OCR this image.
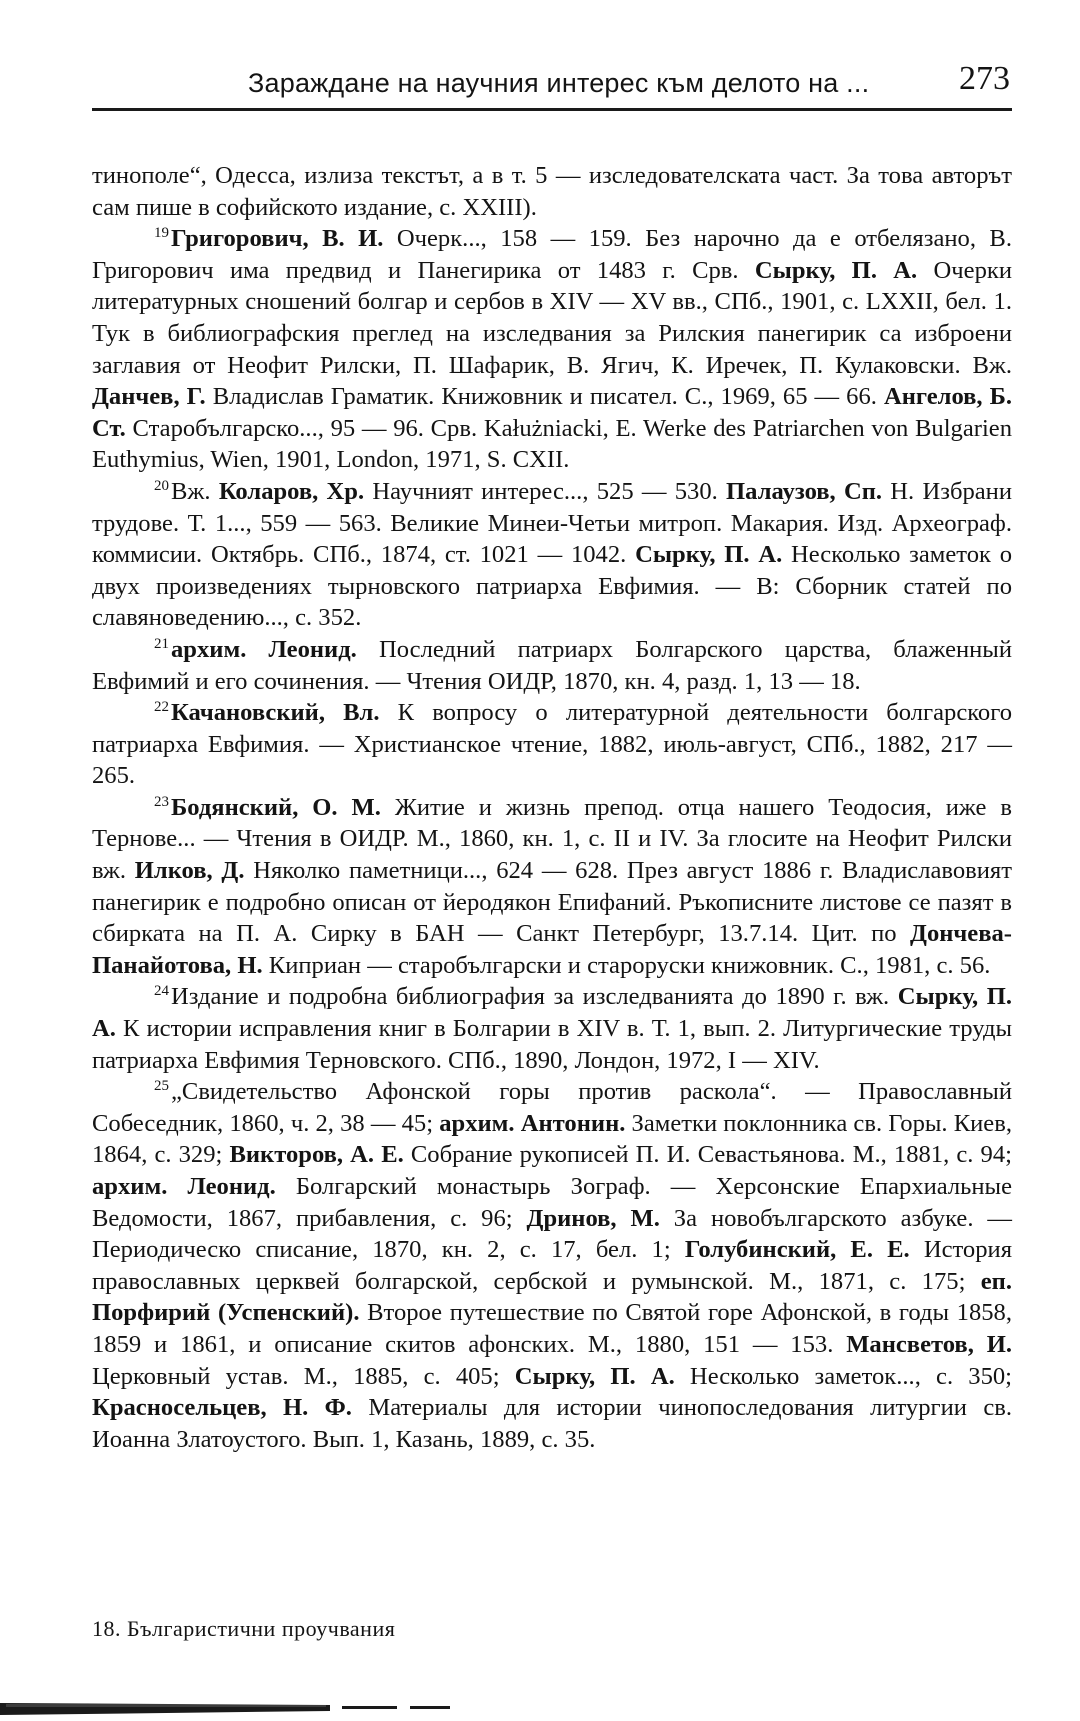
Зараждане на научния интерес към делото на ...	273

тинополе“, Одесса, излиза текстът, а в т. 5 — изследователската част. За това авторът сам пише в софийското издание, с. XXIII).

$^{19}$Григорович, В. И. Очерк..., 158 — 159. Без нарочно да е отбелязано, В. Григорович има предвид и Панегирика от 1483 г. Срв. Сырку, П. А. Очерки литературных сношений болгар и сербов в XIV — XV вв., СПб., 1901, с. LXXII, бел. 1. Тук в библиографския преглед на изследвания за Рилския панегирик са изброени заглавия от Неофит Рилски, П. Шафарик, В. Ягич, К. Иречек, П. Кулаковски. Вж. Данчев, Г. Владислав Граматик. Книжовник и писател. С., 1969, 65 — 66. Ангелов, Б. Ст. Старобългарско..., 95 — 96. Срв. Kałużniacki, E. Werke des Patriarchen von Bulgarien Euthymius, Wien, 1901, London, 1971, S. CXII.

$^{20}$Вж. Коларов, Хр. Научният интерес..., 525 — 530. Палаузов, Сп. Н. Избрани трудове. Т. 1..., 559 — 563. Великие Минеи-Четьи митроп. Макария. Изд. Археограф. коммисии. Октябрь. СПб., 1874, ст. 1021 — 1042. Сырку, П. А. Несколько заметок о двух произведениях тырновского патриарха Евфимия. — В: Сборник статей по славяноведению..., с. 352.

$^{21}$архим. Леонид. Последний патриарх Болгарского царства, блаженный Евфимий и его сочинения. — Чтения ОИДР, 1870, кн. 4, разд. 1, 13 — 18.

$^{22}$Качановский, Вл. К вопросу о литературной деятельности болгарского патриарха Евфимия. — Христианское чтение, 1882, июль-август, СПб., 1882, 217 — 265.

$^{23}$Бодянский, О. М. Житие и жизнь препод. отца нашего Теодосия, иже в Тернове... — Чтения в ОИДР. М., 1860, кн. 1, с. II и IV. За глосите на Неофит Рилски вж. Илков, Д. Няколко паметници..., 624 — 628. През август 1886 г. Владиславовият панегирик е подробно описан от йеродякон Епифаний. Ръкописните листове се пазят в сбирката на П. А. Сирку в БАН — Санкт Петербург, 13.7.14. Цит. по Дончева-Панайотова, Н. Киприан — старобългарски и староруски книжовник. С., 1981, с. 56.

$^{24}$Издание и подробна библиография за изследванията до 1890 г. вж. Сырку, П. А. К истории исправления книг в Болгарии в XIV в. Т. 1, вып. 2. Литургические труды патриарха Евфимия Терновского. СПб., 1890, Лондон, 1972, I — XIV.

$^{25}$„Свидетельство Афонской горы против раскола“. — Православный Собеседник, 1860, ч. 2, 38 — 45; архим. Антонин. Заметки поклонника св. Горы. Киев, 1864, с. 329; Викторов, А. Е. Собрание рукописей П. И. Севастьянова. М., 1881, с. 94; архим. Леонид. Болгарский монастырь Зограф. — Херсонские Епархиальные Ведомости, 1867, прибавления, с. 96; Дринов, М. За новобългарското азбуке. — Периодическо списание, 1870, кн. 2, с. 17, бел. 1; Голубинский, Е. Е. История православных церквей болгарской, сербской и румынской. М., 1871, с. 175; еп. Порфирий (Успенский). Второе путешествие по Святой горе Афонской, в годы 1858, 1859 и 1861, и описание скитов афонских. М., 1880, 151 — 153. Мансветов, И. Церковный устав. М., 1885, с. 405; Сырку, П. А. Несколько заметок..., с. 350; Красносельцев, Н. Ф. Материалы для истории чинопоследования литургии св. Иоанна Златоустого. Вып. 1, Казань, 1889, с. 35.

18. Българистични проучвания
